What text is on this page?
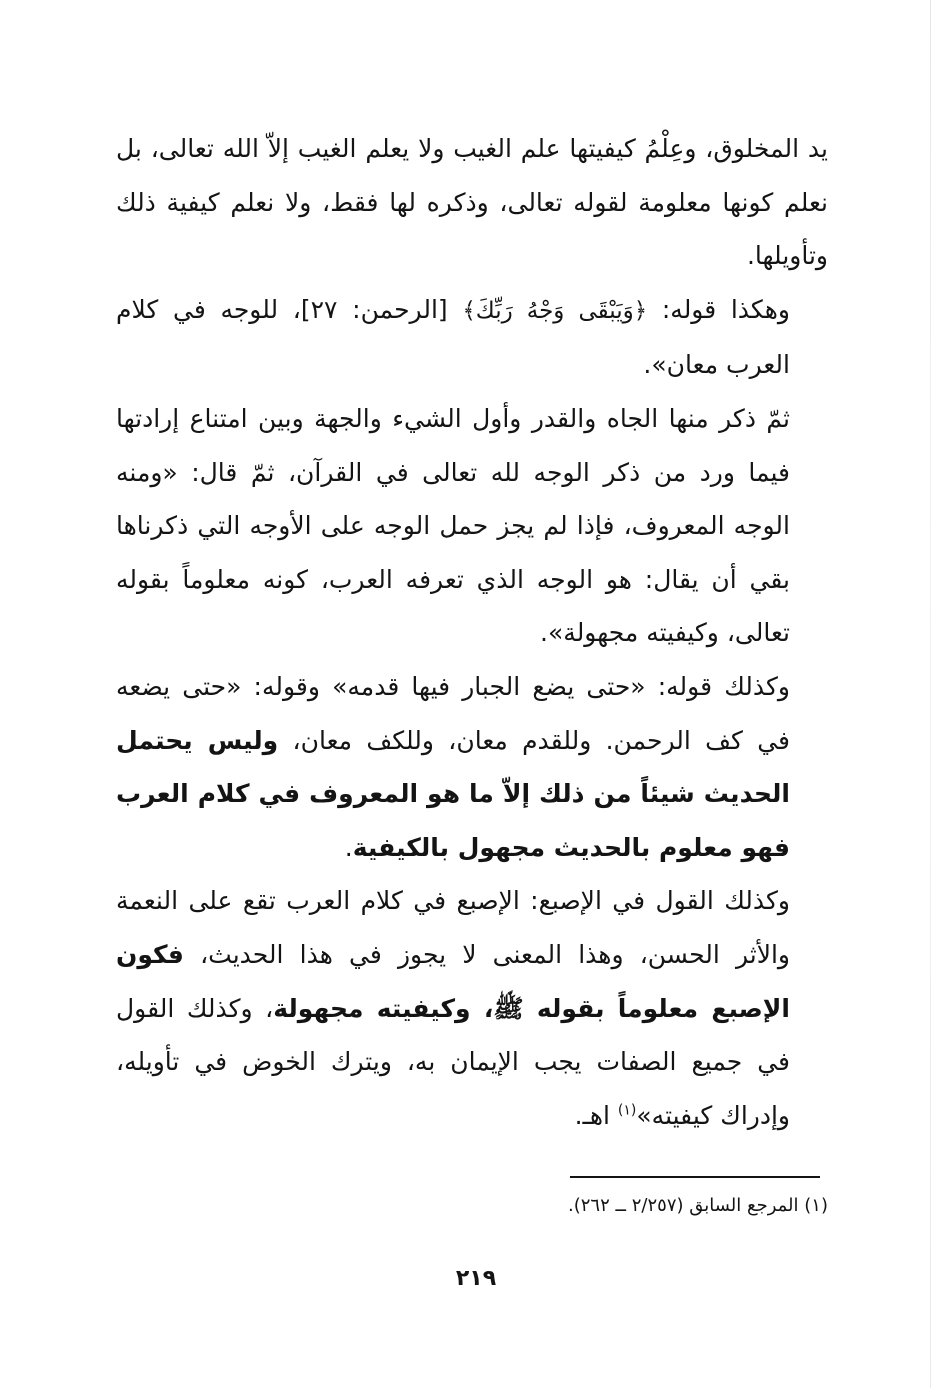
يد المخلوق، وعِلْمُ كيفيتها علم الغيب ولا يعلم الغيب إلاّ الله تعالى، بل نعلم كونها معلومة لقوله تعالى، وذكره لها فقط، ولا نعلم كيفية ذلك وتأويلها.

وهكذا قوله: ﴿وَيَبْقَى وَجْهُ رَبِّكَ﴾ [الرحمن: ٢٧]، للوجه في كلام العرب معان».

ثمّ ذكر منها الجاه والقدر وأول الشيء والجهة وبين امتناع إرادتها فيما ورد من ذكر الوجه لله تعالى في القرآن، ثمّ قال: «ومنه الوجه المعروف، فإذا لم يجز حمل الوجه على الأوجه التي ذكرناها بقي أن يقال: هو الوجه الذي تعرفه العرب، كونه معلوماً بقوله تعالى، وكيفيته مجهولة».

وكذلك قوله: «حتى يضع الجبار فيها قدمه» وقوله: «حتى يضعه في كف الرحمن. وللقدم معان، وللكف معان، وليس يحتمل الحديث شيئاً من ذلك إلاّ ما هو المعروف في كلام العرب فهو معلوم بالحديث مجهول بالكيفية.

وكذلك القول في الإصبع: الإصبع في كلام العرب تقع على النعمة والأثر الحسن، وهذا المعنى لا يجوز في هذا الحديث، فكون الإصبع معلوماً بقوله ﷺ، وكيفيته مجهولة، وكذلك القول في جميع الصفات يجب الإيمان به، ويترك الخوض في تأويله، وإدراك كيفيته»$^{(١)}$ اهـ.

(١) المرجع السابق (٢/٢٥٧ ــ ٢٦٢).

٢١٩
